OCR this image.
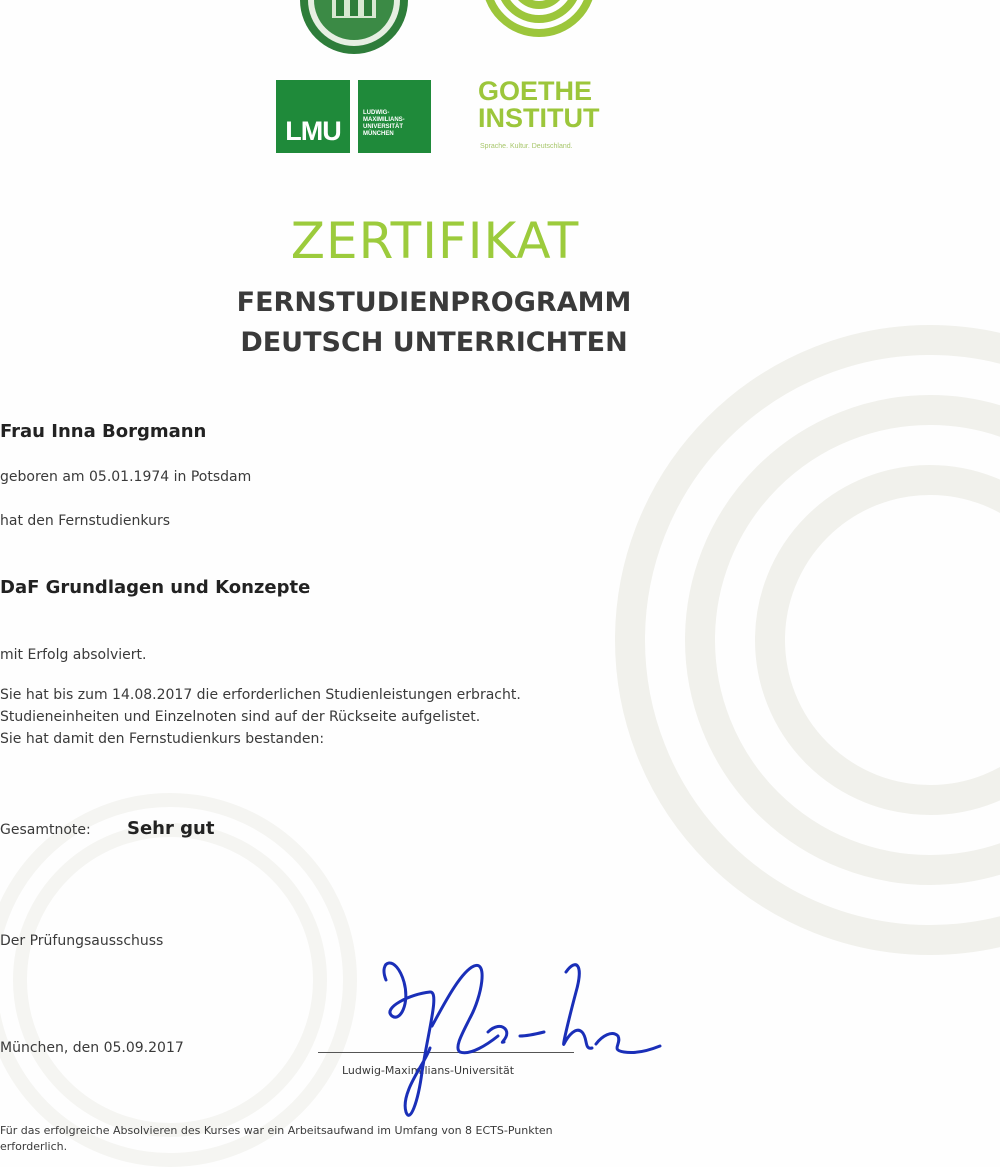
LMU
LUDWIG-
MAXIMILIANS-
UNIVERSITÄT
MÜNCHEN
GOETHE
INSTITUT
Sprache. Kultur. Deutschland.
ZERTIFIKAT
FERNSTUDIENPROGRAMM
DEUTSCH UNTERRICHTEN
Frau Inna Borgmann
geboren am 05.01.1974 in Potsdam
hat den Fernstudienkurs
DaF Grundlagen und Konzepte
mit Erfolg absolviert.
Sie hat bis zum 14.08.2017 die erforderlichen Studienleistungen erbracht.
Studieneinheiten und Einzelnoten sind auf der Rückseite aufgelistet.
Sie hat damit den Fernstudienkurs bestanden:
Gesamtnote: Sehr gut
Der Prüfungsausschuss
München, den 05.09.2017
Ludwig-Maximilians-Universität
Für das erfolgreiche Absolvieren des Kurses war ein Arbeitsaufwand im Umfang von 8 ECTS-Punkten
erforderlich.
